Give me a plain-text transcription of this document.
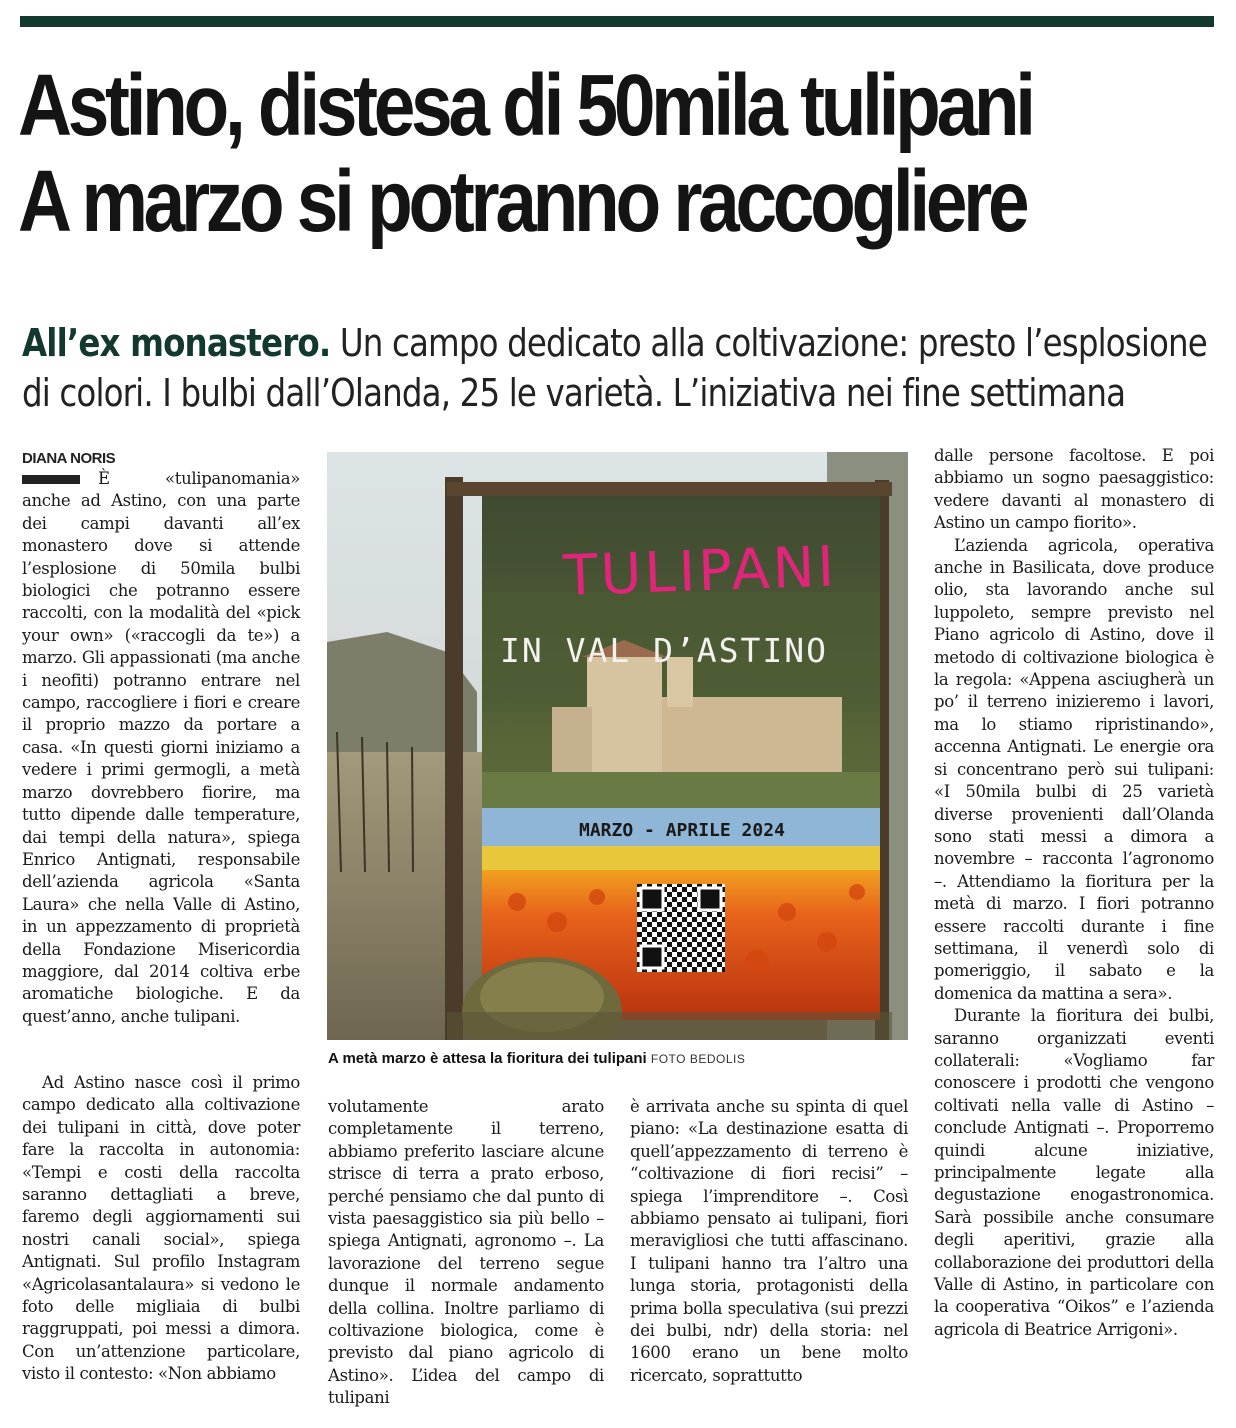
Astino, distesa di 50mila tulipani
A marzo si potranno raccogliere
All’ex monastero. Un campo dedicato alla coltivazione: presto l’esplosione
di colori. I bulbi dall’Olanda, 25 le varietà. L’iniziativa nei fine settimana
DIANA NORIS

È «tulipanomania» anche ad Astino, con una parte dei campi davanti all’ex monastero dove si attende l’esplosione di 50mila bulbi biologici che potranno essere raccolti, con la modalità del «pick your own» («raccogli da te») a marzo. Gli appassionati (ma anche i neofiti) potranno entrare nel campo, raccogliere i fiori e creare il proprio mazzo da portare a casa. «In questi giorni iniziamo a vedere i primi germogli, a metà marzo dovrebbero fiorire, ma tutto dipende dalle temperature, dai tempi della natura», spiega Enrico Antignati, responsabile dell’azienda agricola «Santa Laura» che nella Valle di Astino, in un appezzamento di proprietà della Fondazione Misericordia maggiore, dal 2014 coltiva erbe aromatiche biologiche. E da quest’anno, anche tulipani.

Ad Astino nasce così il primo campo dedicato alla coltivazione dei tulipani in città, dove poter fare la raccolta in autonomia: «Tempi e costi della raccolta saranno dettagliati a breve, faremo degli aggiornamenti sui nostri canali social», spiega Antignati. Sul profilo Instagram «Agricolasantalaura» si vedono le foto delle migliaia di bulbi raggruppati, poi messi a dimora. Con un’attenzione particolare, visto il contesto: «Non abbiamo

TULIPANI
IN VAL D’ASTINO
MARZO - APRILE 2024
A metà marzo è attesa la fioritura dei tulipani FOTO BEDOLIS

volutamente arato completamente il terreno, abbiamo preferito lasciare alcune strisce di terra a prato erboso, perché pensiamo che dal punto di vista paesaggistico sia più bello – spiega Antignati, agronomo –. La lavorazione del terreno segue dunque il normale andamento della collina. Inoltre parliamo di coltivazione biologica, come è previsto dal piano agricolo di Astino». L’idea del campo di tulipani

è arrivata anche su spinta di quel piano: «La destinazione esatta di quell’appezzamento di terreno è “coltivazione di fiori recisi” – spiega l’imprenditore –. Così abbiamo pensato ai tulipani, fiori meravigliosi che tutti affascinano. I tulipani hanno tra l’altro una lunga storia, protagonisti della prima bolla speculativa (sui prezzi dei bulbi, ndr) della storia: nel 1600 erano un bene molto ricercato, soprattutto

dalle persone facoltose. E poi abbiamo un sogno paesaggistico: vedere davanti al monastero di Astino un campo fiorito».

L’azienda agricola, operativa anche in Basilicata, dove produce olio, sta lavorando anche sul luppoleto, sempre previsto nel Piano agricolo di Astino, dove il metodo di coltivazione biologica è la regola: «Appena asciugherà un po’ il terreno inizieremo i lavori, ma lo stiamo ripristinando», accenna Antignati. Le energie ora si concentrano però sui tulipani: «I 50mila bulbi di 25 varietà diverse provenienti dall’Olanda sono stati messi a dimora a novembre – racconta l’agronomo –. Attendiamo la fioritura per la metà di marzo. I fiori potranno essere raccolti durante i fine settimana, il venerdì solo di pomeriggio, il sabato e la domenica da mattina a sera».

Durante la fioritura dei bulbi, saranno organizzati eventi collaterali: «Vogliamo far conoscere i prodotti che vengono coltivati nella valle di Astino – conclude Antignati –. Proporremo quindi alcune iniziative, principalmente legate alla degustazione enogastronomica. Sarà possibile anche consumare degli aperitivi, grazie alla collaborazione dei produttori della Valle di Astino, in particolare con la cooperativa “Oikos” e l’azienda agricola di Beatrice Arrigoni».
